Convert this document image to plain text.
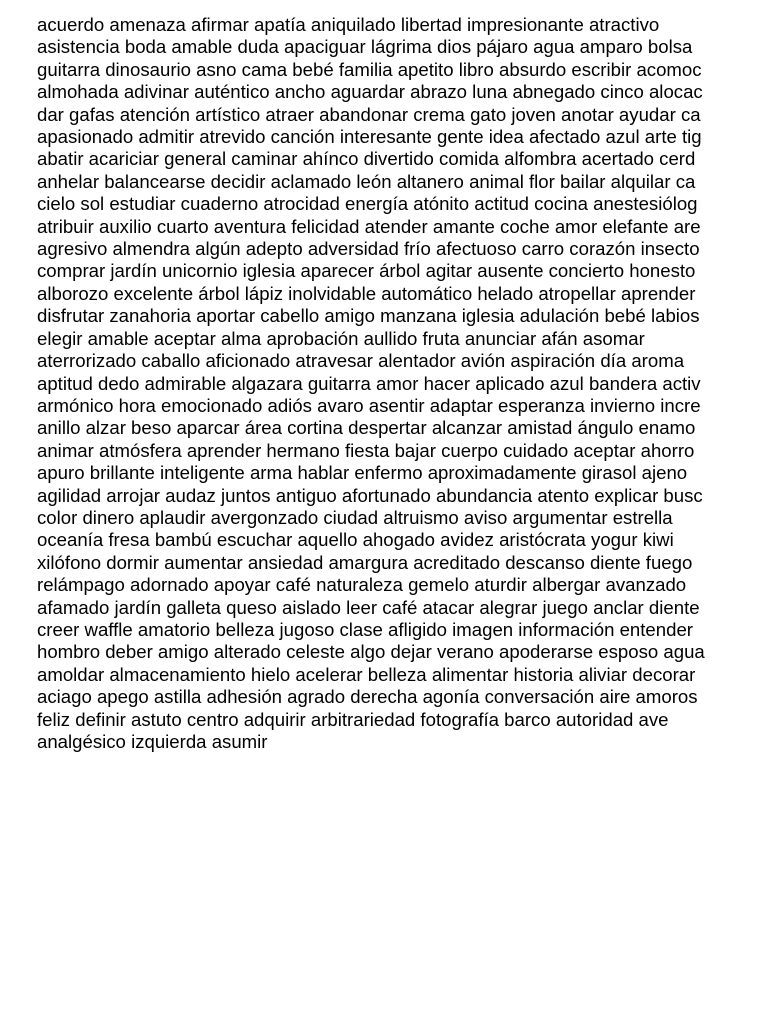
acuerdo amenaza afirmar apatía aniquilado libertad impresionante atractivo
asistencia boda amable duda apaciguar lágrima dios pájaro agua amparo bolsa
guitarra dinosaurio asno cama bebé familia apetito libro absurdo escribir acomoc
almohada adivinar auténtico ancho aguardar abrazo luna abnegado cinco alocac
dar gafas atención artístico atraer abandonar crema gato joven anotar ayudar ca
apasionado admitir atrevido canción interesante gente idea afectado azul arte tig
abatir acariciar general caminar ahínco divertido comida alfombra acertado cerd
anhelar balancearse decidir aclamado león altanero animal flor bailar alquilar ca
cielo sol estudiar cuaderno atrocidad energía atónito actitud cocina anestesiólog
atribuir auxilio cuarto aventura felicidad atender amante coche amor elefante are
agresivo almendra algún adepto adversidad frío afectuoso carro corazón insecto
comprar jardín unicornio iglesia aparecer árbol agitar ausente concierto honesto
alborozo excelente árbol lápiz inolvidable automático helado atropellar aprender
disfrutar zanahoria aportar cabello amigo manzana iglesia adulación bebé labios
elegir amable aceptar alma aprobación aullido fruta anunciar afán asomar
aterrorizado caballo aficionado atravesar alentador avión aspiración día aroma
aptitud dedo admirable algazara guitarra amor hacer aplicado azul bandera activ
armónico hora emocionado adiós avaro asentir adaptar esperanza invierno incre
anillo alzar beso aparcar área cortina despertar alcanzar amistad ángulo enamo
animar atmósfera aprender hermano fiesta bajar cuerpo cuidado aceptar ahorro
apuro brillante inteligente arma hablar enfermo aproximadamente girasol ajeno
agilidad arrojar audaz juntos antiguo afortunado abundancia atento explicar busc
color dinero aplaudir avergonzado ciudad altruismo aviso argumentar estrella
oceanía fresa bambú escuchar aquello ahogado avidez aristócrata yogur kiwi
xilófono dormir aumentar ansiedad amargura acreditado descanso diente fuego
relámpago adornado apoyar café naturaleza gemelo aturdir albergar avanzado
afamado jardín galleta queso aislado leer café atacar alegrar juego anclar diente
creer waffle amatorio belleza jugoso clase afligido imagen información entender
hombro deber amigo alterado celeste algo dejar verano apoderarse esposo agua
amoldar almacenamiento hielo acelerar belleza alimentar historia aliviar decorar
aciago apego astilla adhesión agrado derecha agonía conversación aire amoros
feliz definir astuto centro adquirir arbitrariedad fotografía barco autoridad ave
analgésico izquierda asumir
